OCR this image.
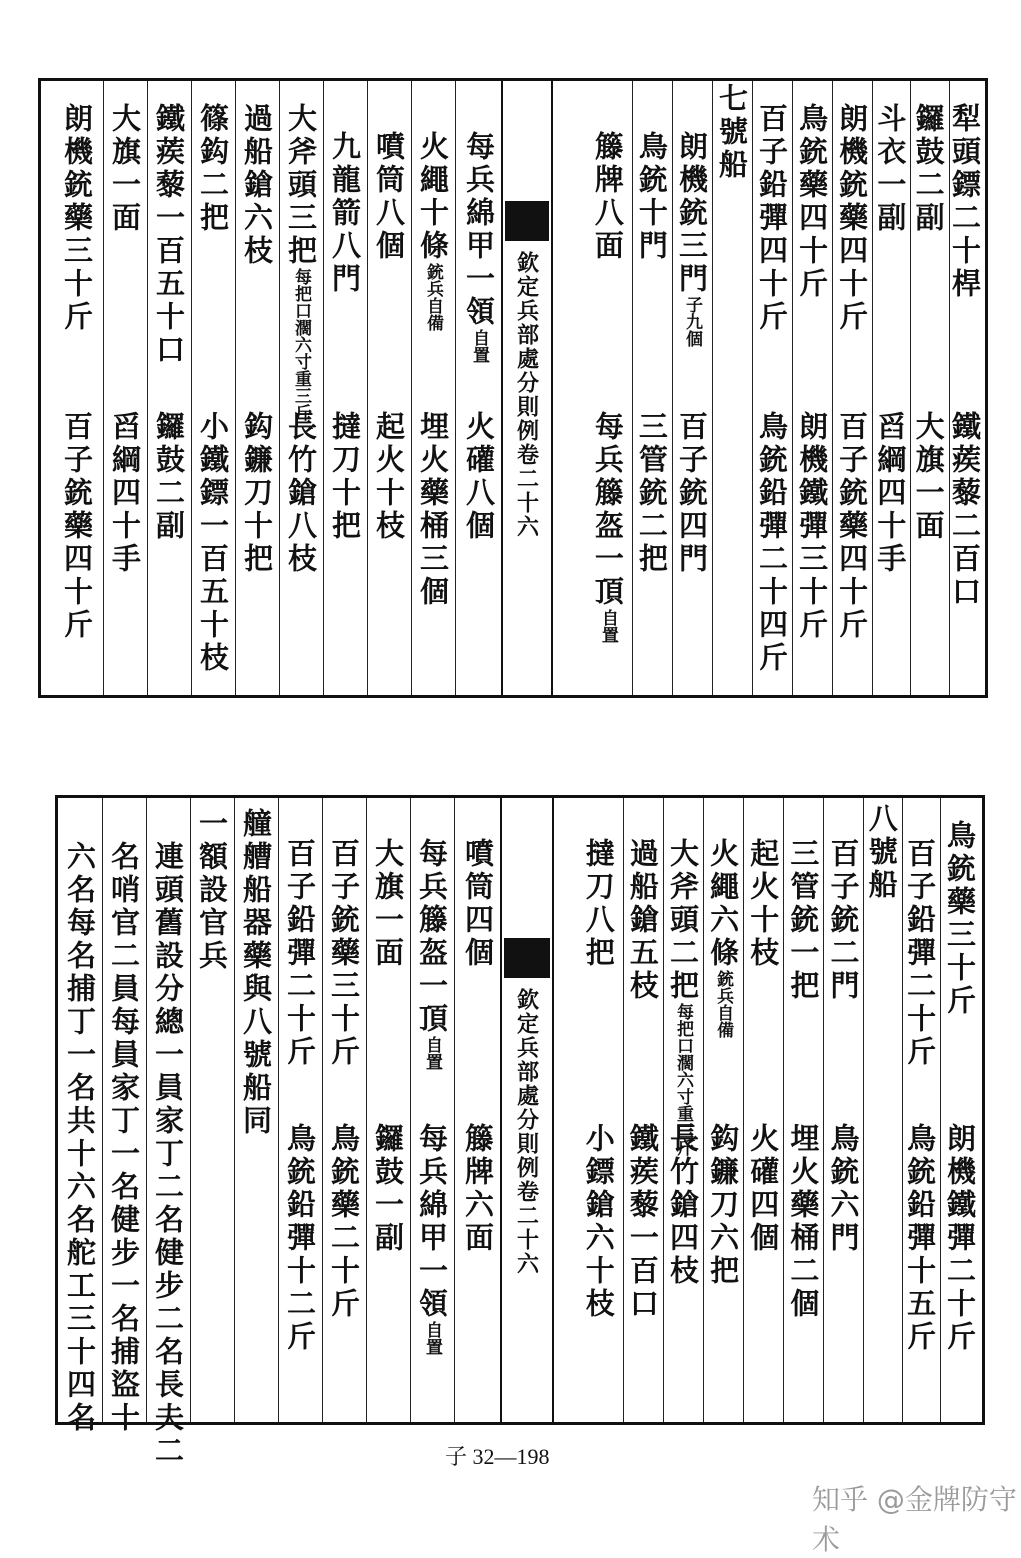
犁頭鏢二十桿
鐵蒺藜二百口
鑼鼓二副
大旗一面
斗衣一副
舀綱四十手
朗機銃藥四十斤
百子銃藥四十斤
鳥銃藥四十斤
朗機鐵彈三十斤
百子鉛彈四十斤
鳥銃鉛彈二十四斤
七號船
朗機銃三門子九個
百子銃四門
鳥銃十門
三管銃二把
籐牌八面
每兵籐盔一頂自置
欽定兵部處分則例卷二十六
每兵綿甲一領自置
火礶八個
火繩十條銃兵自備
埋火藥桶三個
噴筒八個
起火十枝
九龍箭八門
撻刀十把
大斧頭三把每把口濶六寸重三斤
長竹鎗八枝
過船鎗六枝
鈎鐮刀十把
篠鈎二把
小鐵鏢一百五十枝
鐵蒺藜一百五十口
鑼鼓二副
大旗一面
舀綱四十手
朗機銃藥三十斤
百子銃藥四十斤
鳥銃藥三十斤
朗機鐵彈二十斤
百子鉛彈二十斤
鳥銃鉛彈十五斤
八號船
百子銃二門
鳥銃六門
三管銃一把
埋火藥桶二個
起火十枝
火礶四個
火繩六條銃兵自備
鈎鐮刀六把
大斧頭二把每把口濶六寸重三斤
長竹鎗四枝
過船鎗五枝
鐵蒺藜一百口
撻刀八把
小鏢鎗六十枝
欽定兵部處分則例卷二十六
噴筒四個
籐牌六面
每兵籐盔一頂自置
每兵綿甲一領自置
大旗一面
鑼鼓一副
百子銃藥三十斤
鳥銃藥二十斤
百子鉛彈二十斤
鳥銃鉛彈十二斤
艟艚船器藥與八號船同
一額設官兵
　連頭舊設分總一員家丁二名健步二名長夫二
　名哨官二員每員家丁一名健步一名捕盜十
　六名每名捕丁一名共十六名舵工三十四名
子 32—198
知乎 @金牌防守术
